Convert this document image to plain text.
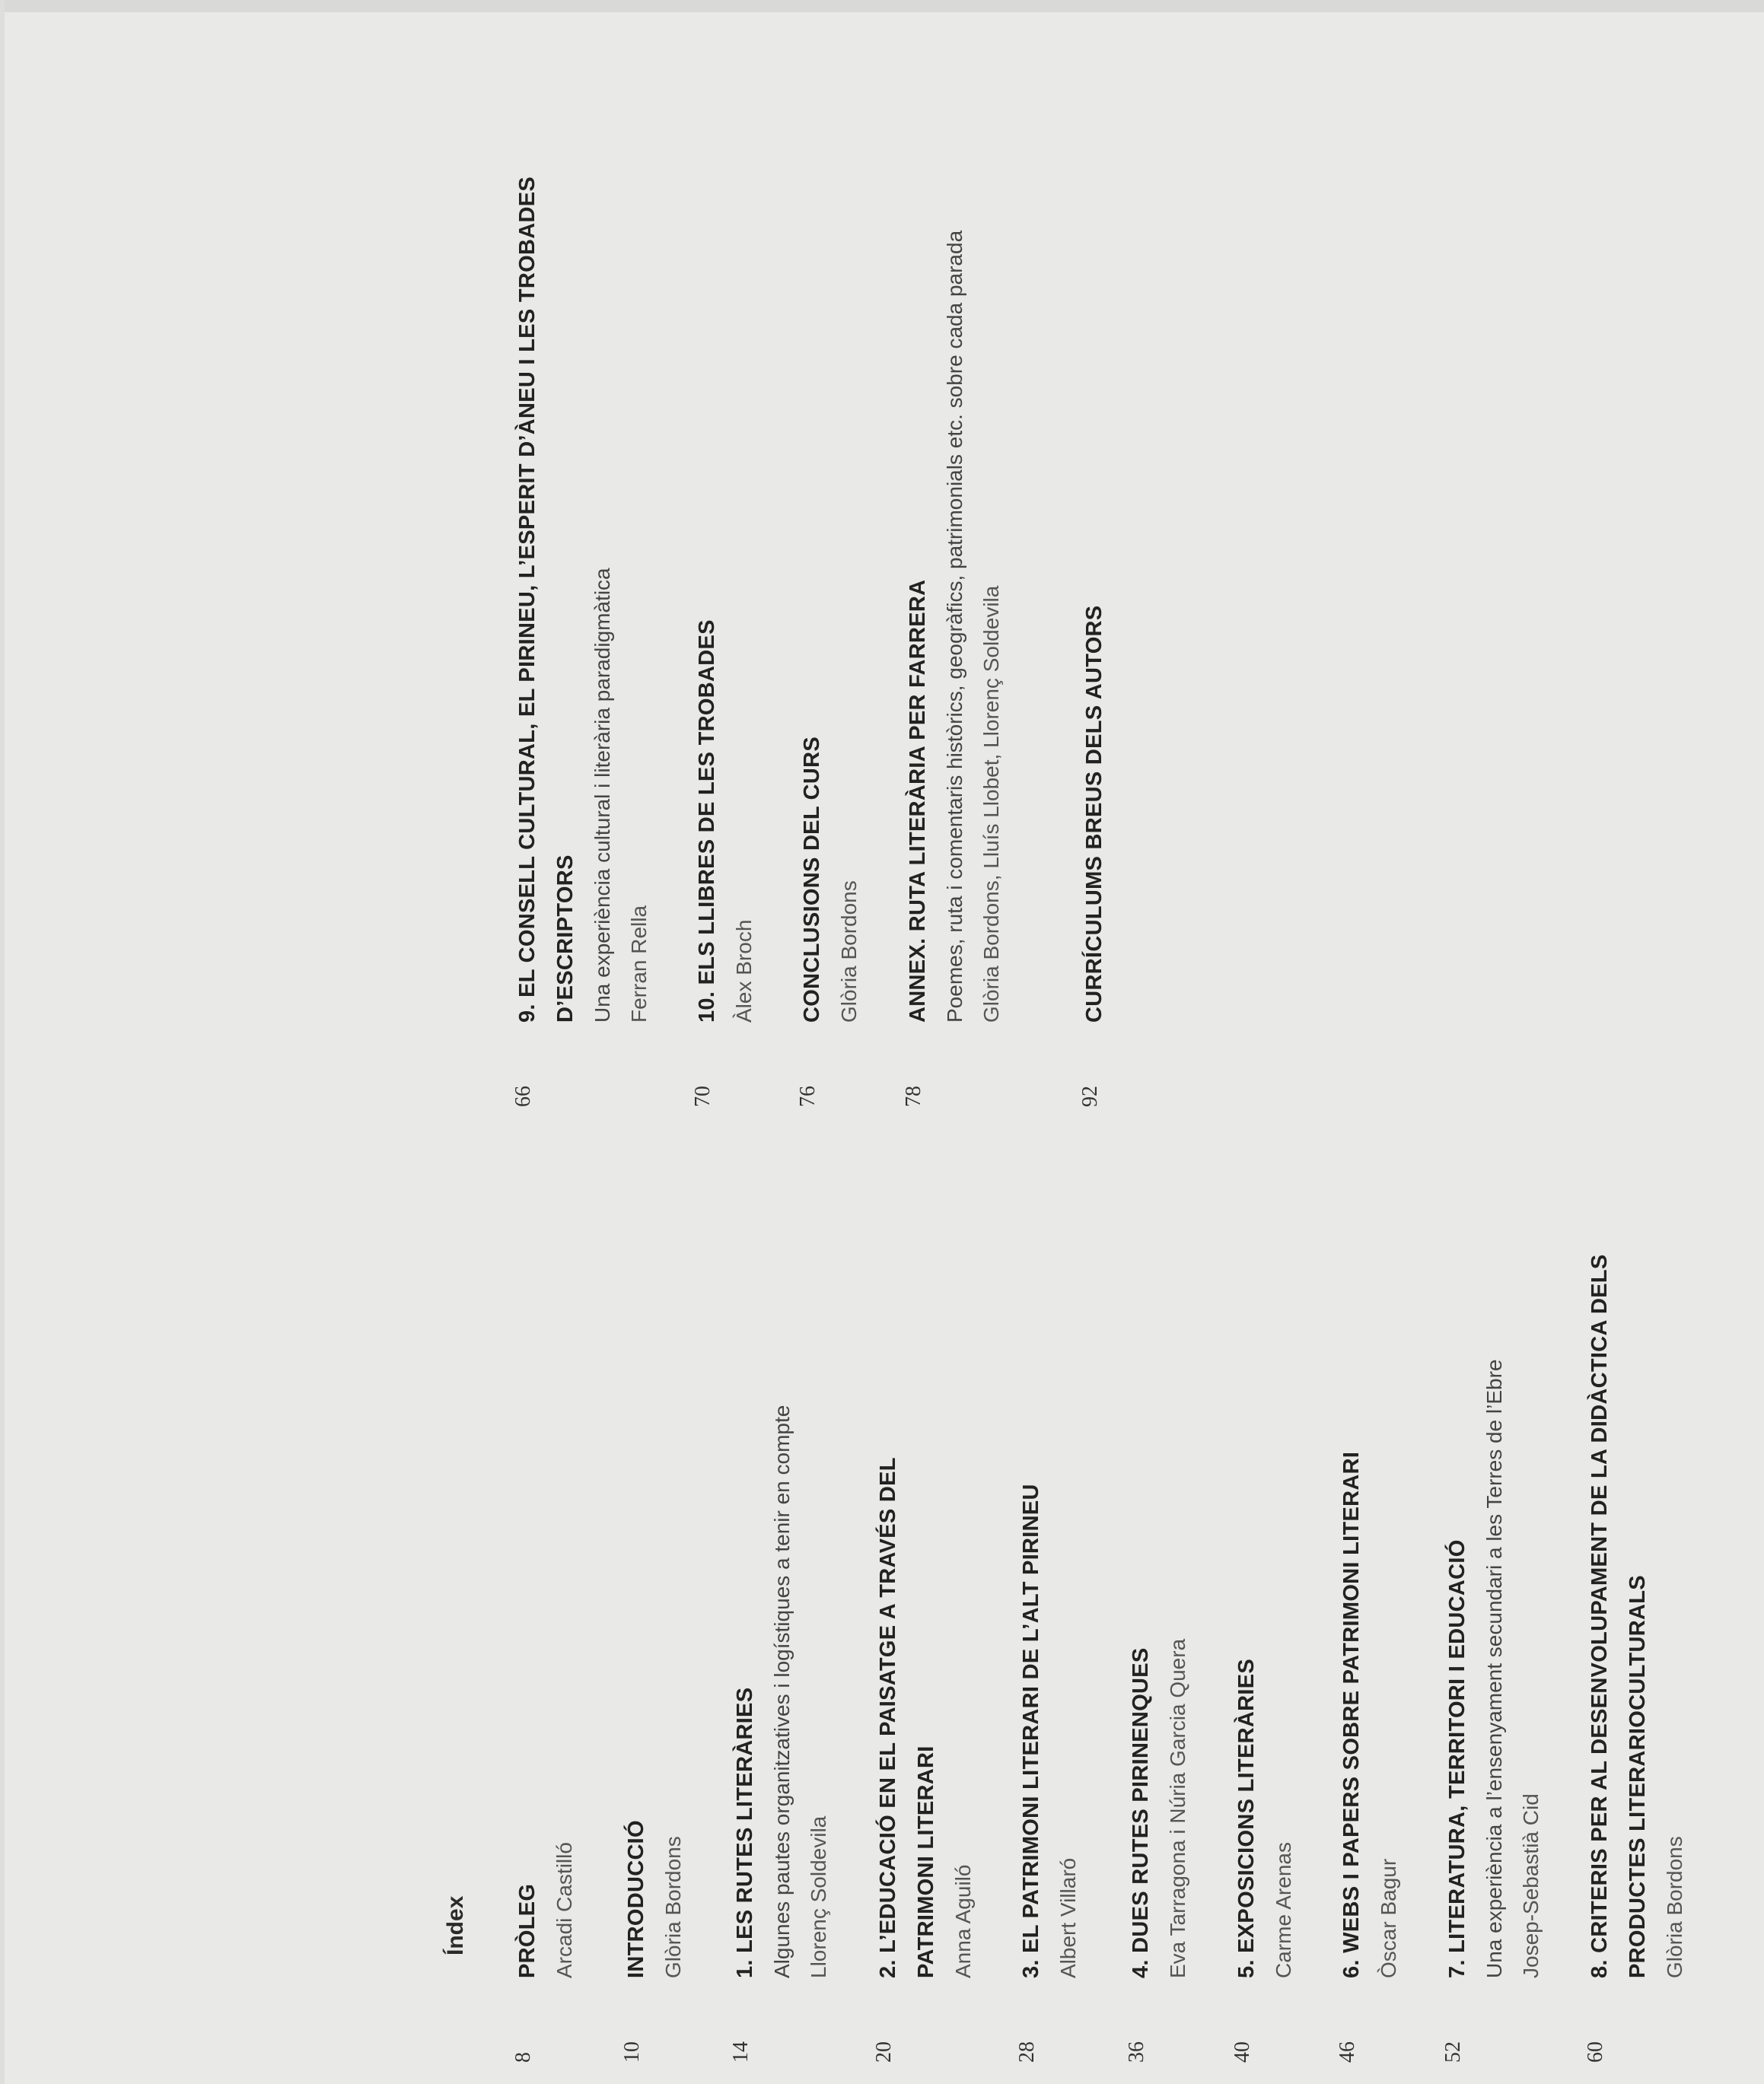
Índex
8
PRÒLEG Arcadi Castilló
10
INTRODUCCIÓ Glòria Bordons
14
1. LES RUTES LITERÀRIES Algunes pautes organitzatives i logístiques a tenir en compte Llorenç Soldevila
20
2. L’EDUCACIÓ EN EL PAISATGE A TRAVÉS DEL PATRIMONI LITERARI Anna Aguiló
28
3. EL PATRIMONI LITERARI DE L’ALT PIRINEU Albert Villaró
36
4. DUES RUTES PIRINENQUES Eva Tarragona i Núria Garcia Quera
40
5. EXPOSICIONS LITERÀRIES Carme Arenas
46
6. WEBS I PAPERS SOBRE PATRIMONI LITERARI Òscar Bagur
52
7. LITERATURA, TERRITORI I EDUCACIÓ Una experiència a l’ensenyament secundari a les Terres de l’Ebre Josep-Sebastià Cid
60
8. CRITERIS PER AL DESENVOLUPAMENT DE LA DIDÀCTICA DELS PRODUCTES LITERARIOCULTURALS Glòria Bordons
66
9. EL CONSELL CULTURAL, EL PIRINEU, L’ESPERIT D’ÀNEU I LES TROBADES D’ESCRIPTORS Una experiència cultural i literària paradigmàtica Ferran Rella
70
10. ELS LLIBRES DE LES TROBADES Àlex Broch
76
CONCLUSIONS DEL CURS Glòria Bordons
78
ANNEX. RUTA LITERÀRIA PER FARRERA Poemes, ruta i comentaris històrics, geogràfics, patrimonials etc. sobre cada parada Glòria Bordons, Lluís Llobet, Llorenç Soldevila
92
CURRÍCULUMS BREUS DELS AUTORS
